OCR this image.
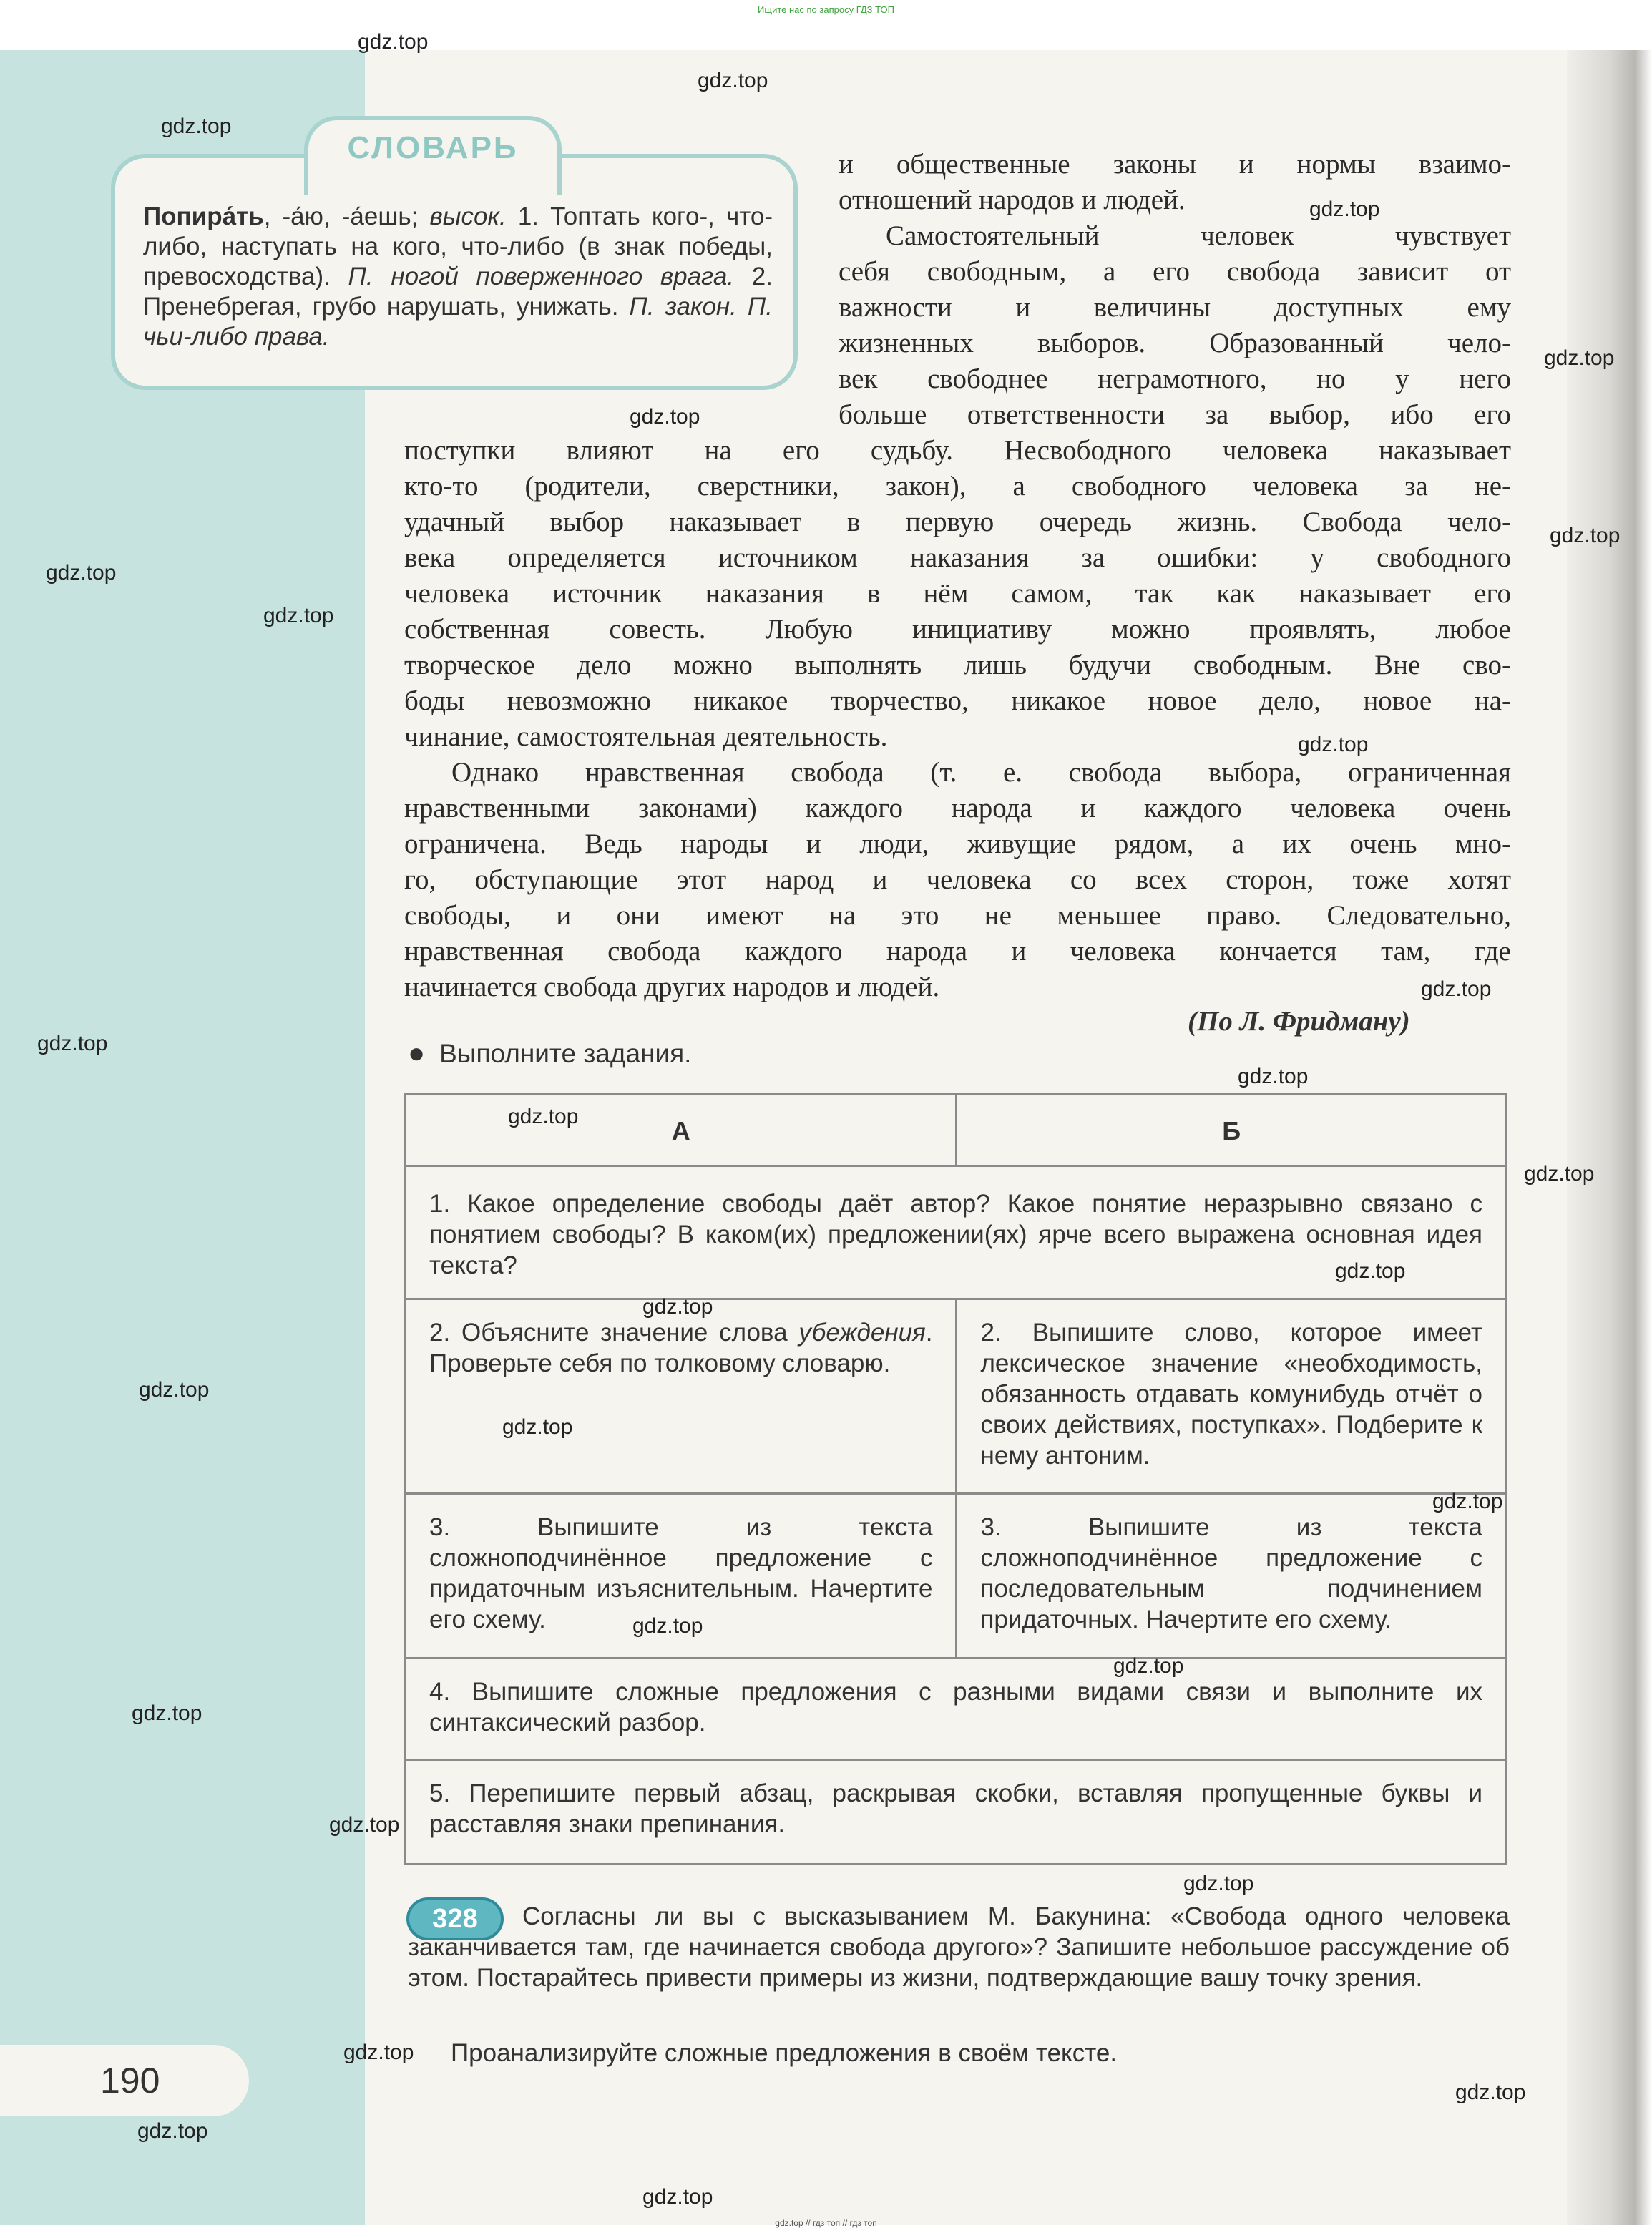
Ищите нас по запросу ГДЗ ТОП
190
СЛОВАРЬ
Попира́ть, -а́ю, -а́ешь; высок. 1. Топтать кого-, что-либо, наступать на кого, что-либо (в знак победы, превосходства). П. ногой поверженного врага. 2. Пренебрегая, грубо нарушать, унижать. П. закон. П. чьи-либо права.
и общественные законы и нормы взаимо-
отношений народов и людей.
Самостоятельный человек чувствует
себя свободным, а его свобода зависит от
важности и величины доступных ему
жизненных выборов. Образованный чело-
век свободнее неграмотного, но у него
больше ответственности за выбор, ибо его
поступки влияют на его судьбу. Несвободного человека наказывает
кто-то (родители, сверстники, закон), а свободного человека за не-
удачный выбор наказывает в первую очередь жизнь. Свобода чело-
века определяется источником наказания за ошибки: у свободного
человека источник наказания в нём самом, так как наказывает его
собственная совесть. Любую инициативу можно проявлять, любое
творческое дело можно выполнять лишь будучи свободным. Вне сво-
боды невозможно никакое творчество, никакое новое дело, новое на-
чинание, самостоятельная деятельность.
Однако нравственная свобода (т. е. свобода выбора, ограниченная
нравственными законами) каждого народа и каждого человека очень
ограничена. Ведь народы и люди, живущие рядом, а их очень мно-
го, обступающие этот народ и человека со всех сторон, тоже хотят
свободы, и они имеют на это не меньшее право. Следовательно,
нравственная свобода каждого народа и человека кончается там, где
начинается свобода других народов и людей.
(По Л. Фридману)
● Выполните задания.
А	Б
1. Какое определение свободы даёт автор? Какое понятие неразрывно связано с понятием свободы? В каком(их) предложении(ях) ярче всего выражена основная идея текста?	
2. Объясните значение слова убеждения. Проверьте себя по толковому словарю.	2. Выпишите слово, которое имеет лексическое значение «необходимость, обязанность отдавать комунибудь отчёт о своих действиях, поступках». Подберите к нему антоним.
3. Выпишите из текста сложноподчинённое предложение с придаточным изъяснительным. Начертите его схему.	3. Выпишите из текста сложноподчинённое предложение с последовательным подчинением придаточных. Начертите его схему.
4. Выпишите сложные предложения с разными видами связи и выполните их синтаксический разбор.	
5. Перепишите первый абзац, раскрывая скобки, вставляя пропущенные буквы и расставляя знаки препинания.	
328	Согласны ли вы с высказыванием М. Бакунина: «Свобода одного человека заканчивается там, где начинается свобода другого»? Запишите небольшое рассуждение об этом. Постарайтесь привести примеры из жизни, подтверждающие вашу точку зрения.
Проанализируйте сложные предложения в своём тексте.
gdz.top
gdz.top
gdz.top
gdz.top
gdz.top
gdz.top
gdz.top
gdz.top
gdz.top
gdz.top
gdz.top
gdz.top
gdz.top
gdz.top
gdz.top
gdz.top
gdz.top
gdz.top
gdz.top
gdz.top
gdz.top
gdz.top
gdz.top
gdz.top
gdz.top
gdz.top
gdz.top
gdz.top
gdz.top
gdz.top // гдз топ // гдз топ
